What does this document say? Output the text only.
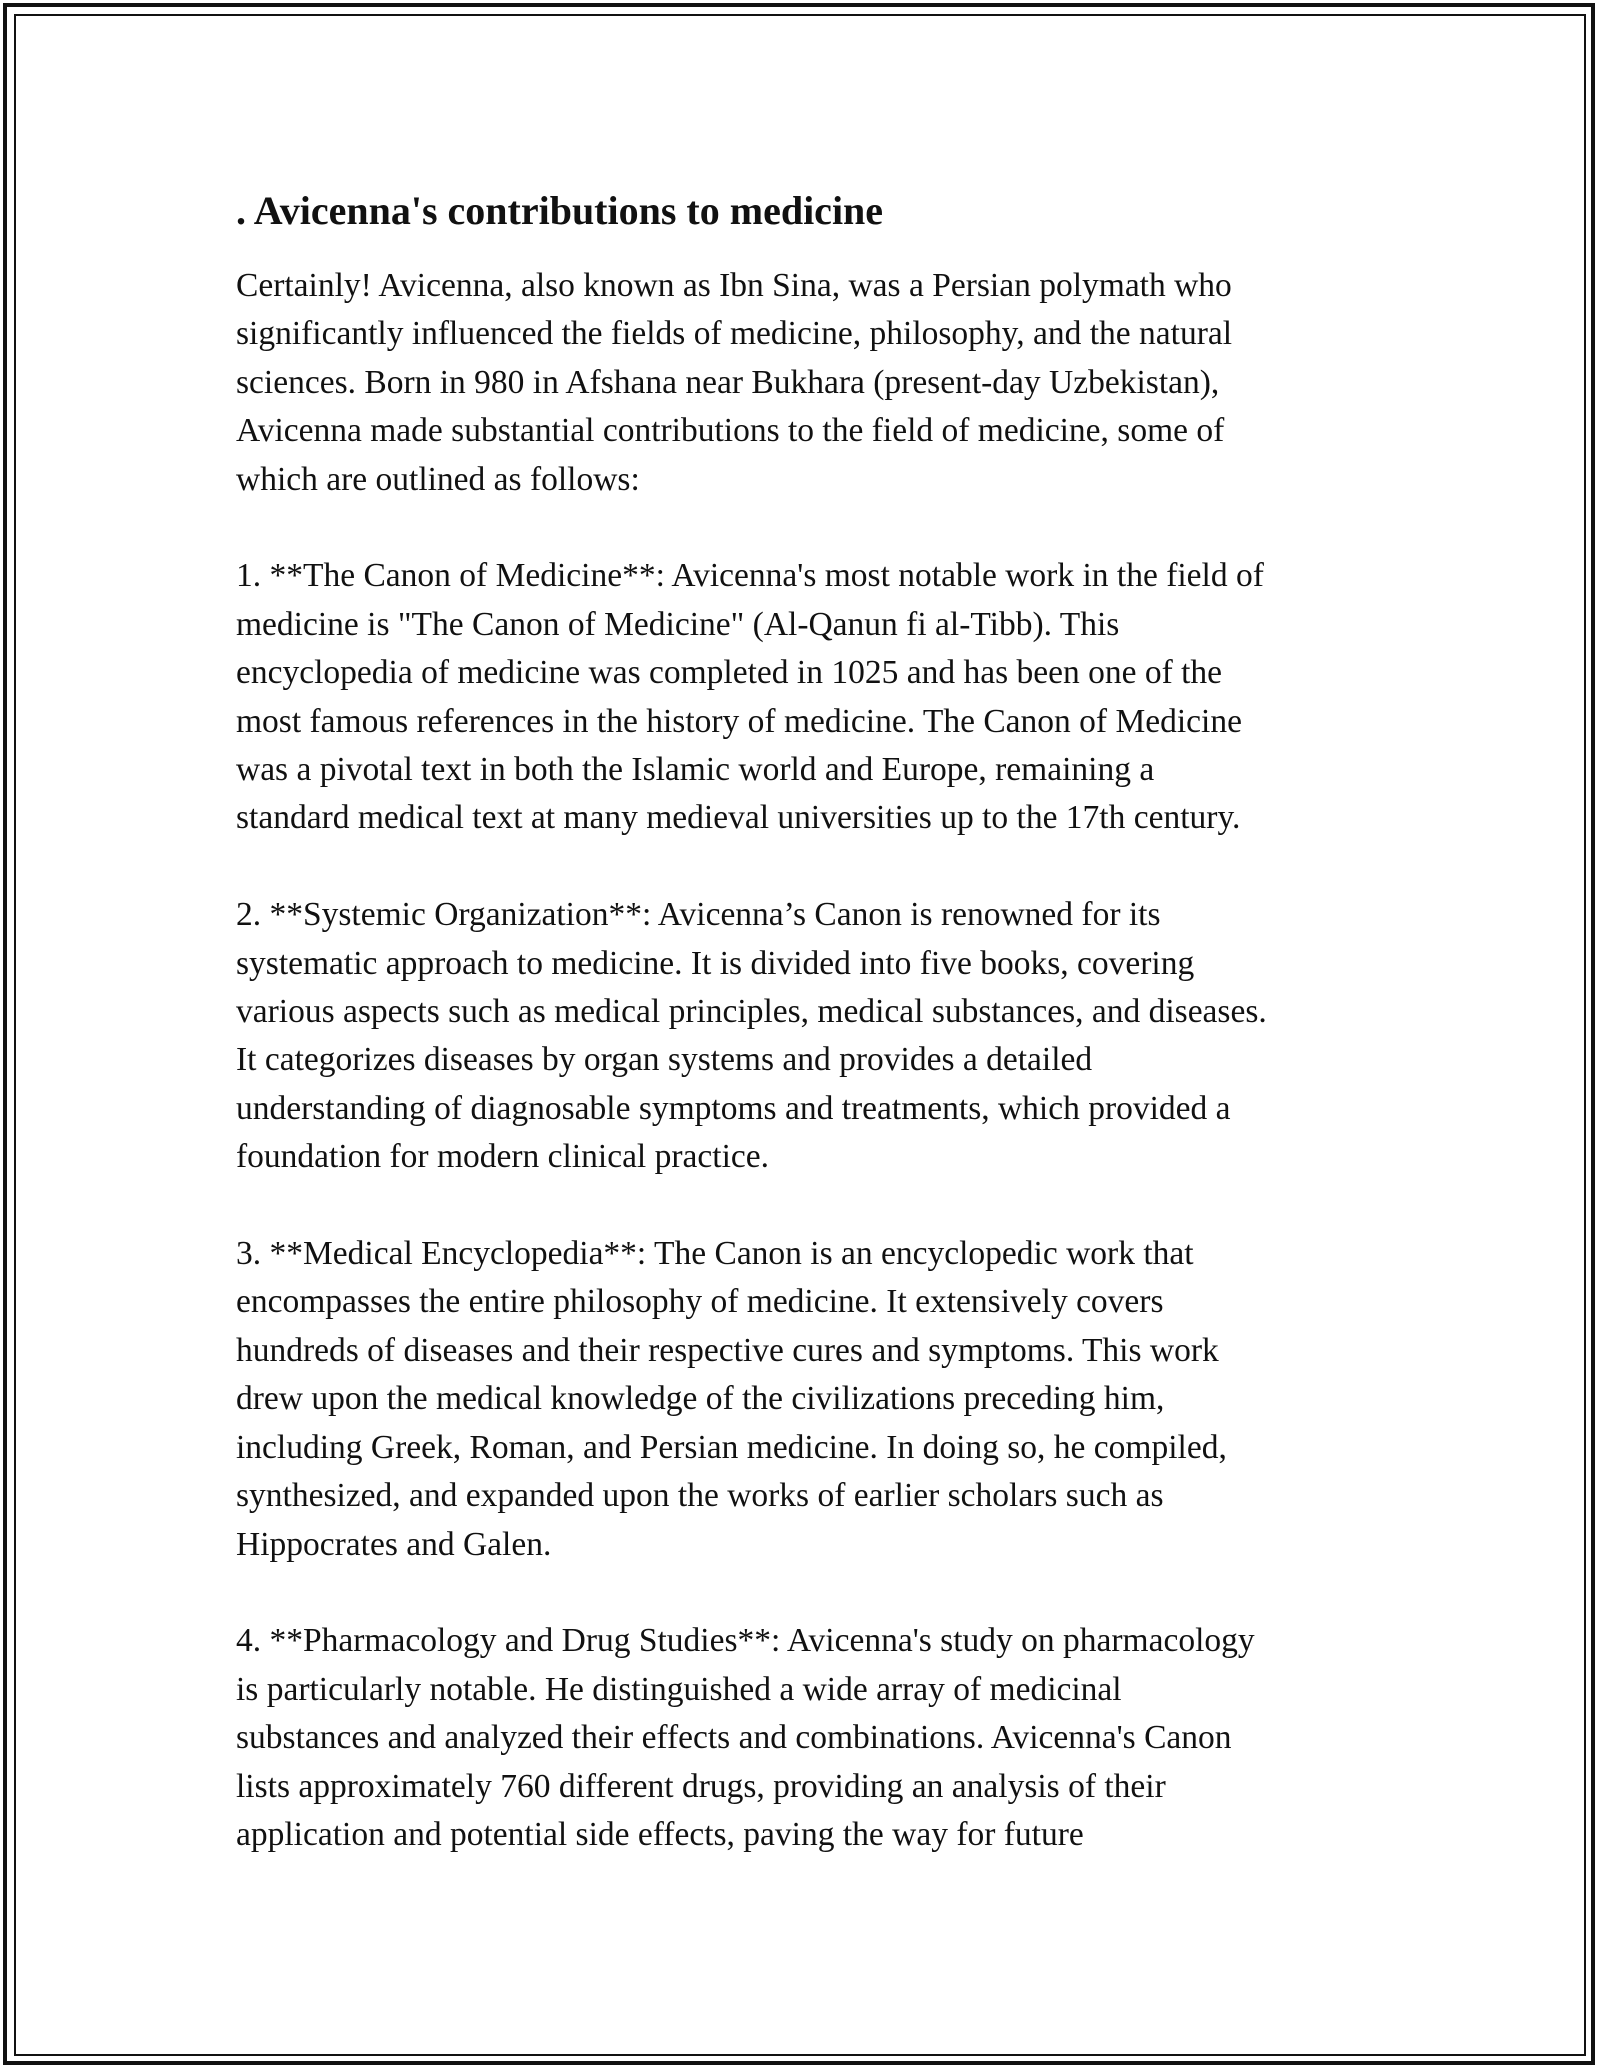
. Avicenna's contributions to medicine

Certainly! Avicenna, also known as Ibn Sina, was a Persian polymath who
significantly influenced the fields of medicine, philosophy, and the natural
sciences. Born in 980 in Afshana near Bukhara (present-day Uzbekistan),
Avicenna made substantial contributions to the field of medicine, some of
which are outlined as follows:

1. **The Canon of Medicine**: Avicenna's most notable work in the field of
medicine is "The Canon of Medicine" (Al-Qanun fi al-Tibb). This
encyclopedia of medicine was completed in 1025 and has been one of the
most famous references in the history of medicine. The Canon of Medicine
was a pivotal text in both the Islamic world and Europe, remaining a
standard medical text at many medieval universities up to the 17th century.

2. **Systemic Organization**: Avicenna’s Canon is renowned for its
systematic approach to medicine. It is divided into five books, covering
various aspects such as medical principles, medical substances, and diseases.
It categorizes diseases by organ systems and provides a detailed
understanding of diagnosable symptoms and treatments, which provided a
foundation for modern clinical practice.

3. **Medical Encyclopedia**: The Canon is an encyclopedic work that
encompasses the entire philosophy of medicine. It extensively covers
hundreds of diseases and their respective cures and symptoms. This work
drew upon the medical knowledge of the civilizations preceding him,
including Greek, Roman, and Persian medicine. In doing so, he compiled,
synthesized, and expanded upon the works of earlier scholars such as
Hippocrates and Galen.

4. **Pharmacology and Drug Studies**: Avicenna's study on pharmacology
is particularly notable. He distinguished a wide array of medicinal
substances and analyzed their effects and combinations. Avicenna's Canon
lists approximately 760 different drugs, providing an analysis of their
application and potential side effects, paving the way for future
